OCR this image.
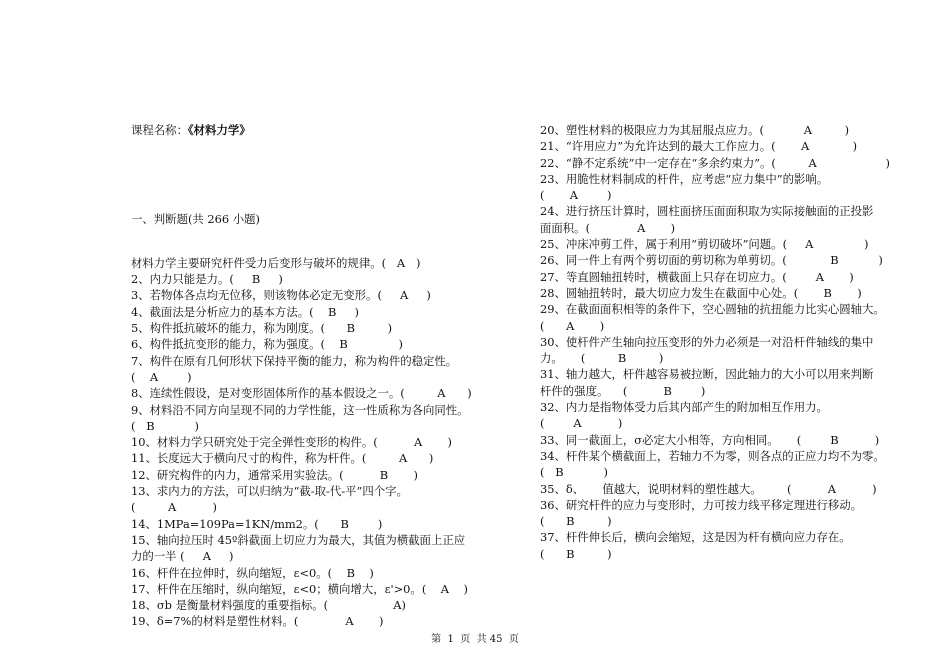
课程名称：《材料力学》

一、判断题(共 266 小题)

材料力学主要研究杆件受力后变形与破坏的规律。(   A   )
2、内力只能是力。(     B     )
3、若物体各点均无位移，则该物体必定无变形。(     A     )
4、截面法是分析应力的基本方法。(    B     )
5、构件抵抗破坏的能力，称为刚度。(      B         )
6、构件抵抗变形的能力，称为强度。(    B              )
7、构件在原有几何形状下保持平衡的能力，称为构件的稳定性。
(    A        )
8、连续性假设，是对变形固体所作的基本假设之一。(         A      )
9、材料沿不同方向呈现不同的力学性能，这一性质称为各向同性。
(   B           )
10、材料力学只研究处于完全弹性变形的构件。(          A       )
11、长度远大于横向尺寸的构件，称为杆件。(         A      )
12、研究构件的内力，通常采用实验法。(          B       )
13、求内力的方法，可以归纳为“截-取-代-平”四个字。
(         A          )
14、1MPa=109Pa=1KN/mm2。(      B        )
15、轴向拉压时 45º斜截面上切应力为最大，其值为横截面上正应
力的一半 (     A     )
16、杆件在拉伸时，纵向缩短，ε<0。(    B    )
17、杆件在压缩时，纵向缩短，ε<0；横向增大，ε'>0。(    A    )
18、σb 是衡量材料强度的重要指标。(                  A)
19、δ=7%的材料是塑性材料。(             A       )

20、塑性材料的极限应力为其屈服点应力。(           A         )
21、“许用应力”为允许达到的最大工作应力。(       A            )
22、“静不定系统”中一定存在“多余约束力”。(         A                   )
23、用脆性材料制成的杆件，应考虑“应力集中”的影响。
(       A        )
24、进行挤压计算时，圆柱面挤压面面积取为实际接触面的正投影
面面积。(             A       )
25、冲床冲剪工件，属于利用“剪切破坏”问题。(     A              )
26、同一件上有两个剪切面的剪切称为单剪切。(            B           )
27、等直圆轴扭转时，横截面上只存在切应力。(        A       )
28、圆轴扭转时，最大切应力发生在截面中心处。(       B       )
29、在截面面积相等的条件下，空心圆轴的抗扭能力比实心圆轴大。
(      A       )
30、使杆件产生轴向拉压变形的外力必须是一对沿杆件轴线的集中
力。     (         B         )
31、轴力越大，杆件越容易被拉断，因此轴力的大小可以用来判断
杆件的强度。    (          B        )
32、内力是指物体受力后其内部产生的附加相互作用力。
(        A          )
33、同一截面上，σ必定大小相等，方向相同。     (        B          )
34、杆件某个横截面上，若轴力不为零，则各点的正应力均不为零。
(   B           )
35、δ、     值越大，说明材料的塑性越大。       (          A          )
36、研究杆件的应力与变形时，力可按力线平移定理进行移动。
(      B         )
37、杆件伸长后，横向会缩短，这是因为杆有横向应力存在。
(      B         )

第  1  页  共 45  页
